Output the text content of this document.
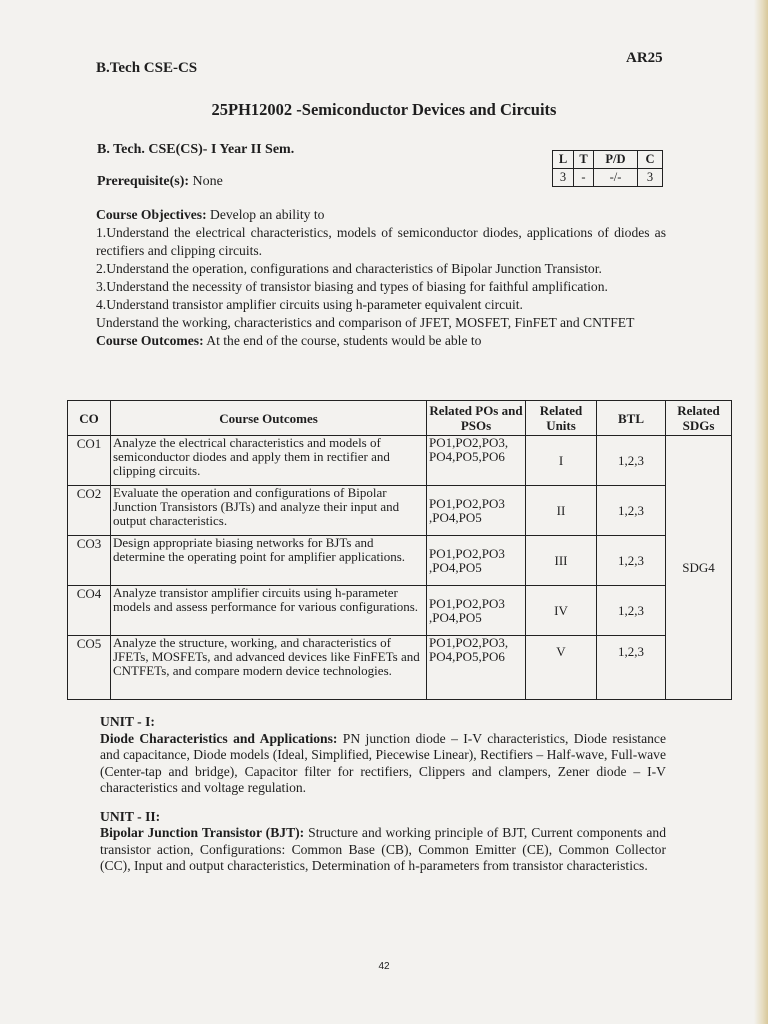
B.Tech CSE-CS
AR25
25PH12002 -Semiconductor Devices and Circuits
B. Tech. CSE(CS)- I Year II Sem.
Prerequisite(s): None
L	T	P/D	C
3	-	-/-	3

Course Objectives: Develop an ability to

1.Understand the electrical characteristics, models of semiconductor diodes, applications of diodes as rectifiers and clipping circuits.

2.Understand the operation, configurations and characteristics of Bipolar Junction Transistor.

3.Understand the necessity of transistor biasing and types of biasing for faithful amplification.

4.Understand transistor amplifier circuits using h-parameter equivalent circuit.

Understand the working, characteristics and comparison of JFET, MOSFET, FinFET and CNTFET

Course Outcomes: At the end of the course, students would be able to

CO	Course Outcomes	Related POs and PSOs	Related Units	BTL	Related SDGs
CO1	Analyze the electrical characteristics and models of semiconductor diodes and apply them in rectifier and clipping circuits.	PO1,PO2,PO3, PO4,PO5,PO6	I	1,2,3	SDG4
CO2	Evaluate the operation and configurations of Bipolar Junction Transistors (BJTs) and analyze their input and output characteristics.	PO1,PO2,PO3 ,PO4,PO5	II	1,2,3	
CO3	Design appropriate biasing networks for BJTs and determine the operating point for amplifier applications.	PO1,PO2,PO3 ,PO4,PO5	III	1,2,3	
CO4	Analyze transistor amplifier circuits using h-parameter models and assess performance for various configurations.	PO1,PO2,PO3 ,PO4,PO5	IV	1,2,3	
CO5	Analyze the structure, working, and characteristics of JFETs, MOSFETs, and advanced devices like FinFETs and CNTFETs, and compare modern device technologies.	PO1,PO2,PO3, PO4,PO5,PO6	V	1,2,3	

UNIT - I:

Diode Characteristics and Applications: PN junction diode – I-V characteristics, Diode resistance and capacitance, Diode models (Ideal, Simplified, Piecewise Linear), Rectifiers – Half-wave, Full-wave (Center-tap and bridge), Capacitor filter for rectifiers, Clippers and clampers, Zener diode – I-V characteristics and voltage regulation.

UNIT - II:

Bipolar Junction Transistor (BJT): Structure and working principle of BJT, Current components and transistor action, Configurations: Common Base (CB), Common Emitter (CE), Common Collector (CC), Input and output characteristics, Determination of h-parameters from transistor characteristics.

42
